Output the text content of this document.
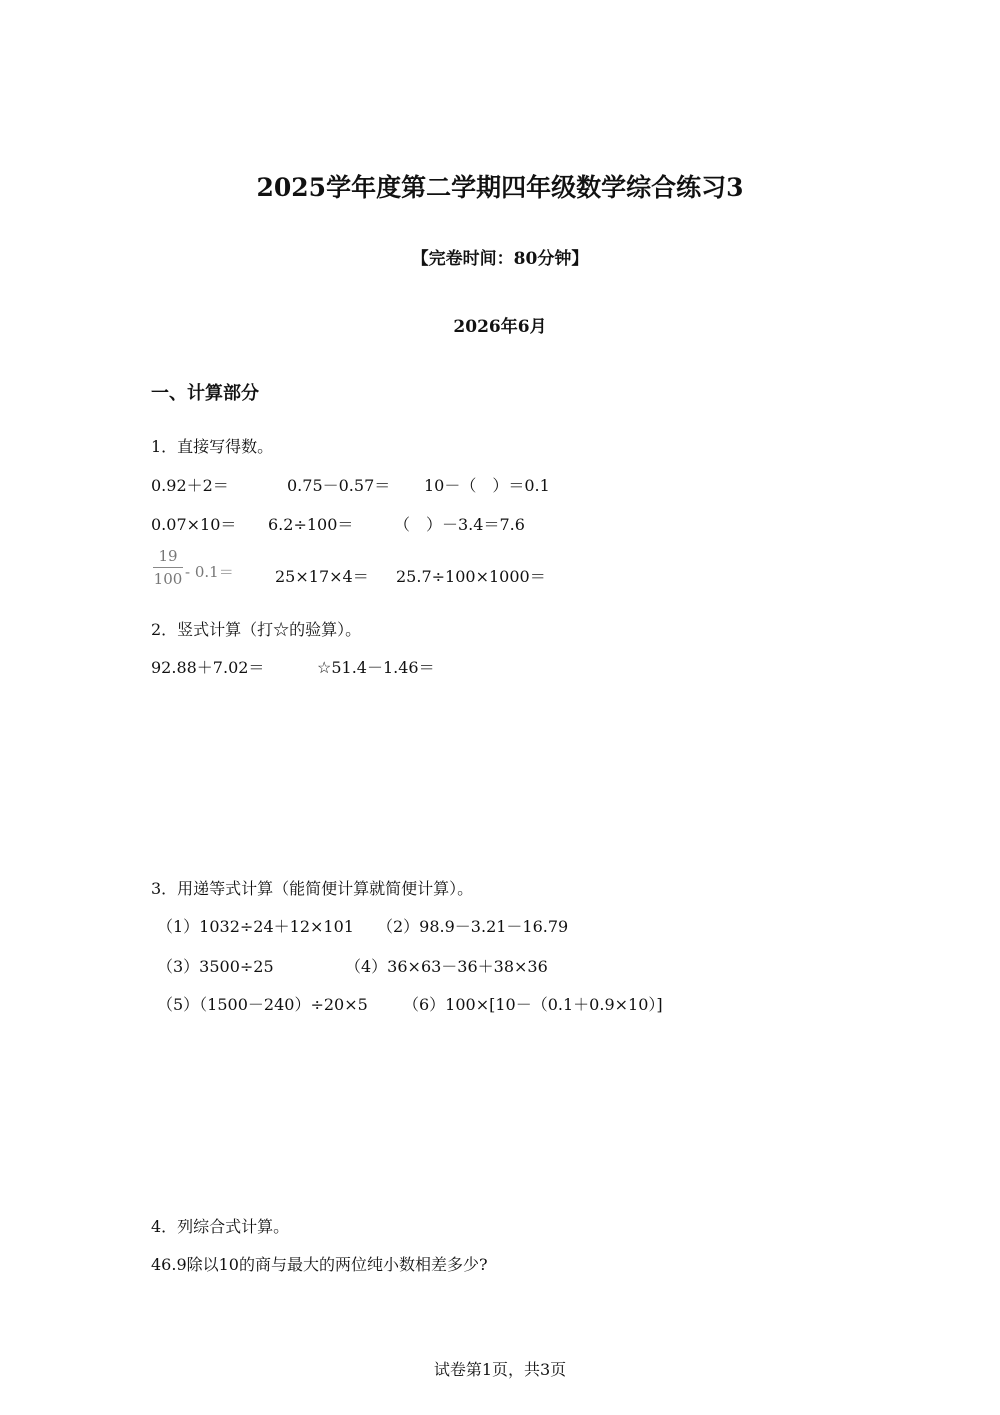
2025学年度第二学期四年级数学综合练习3
【完卷时间：80分钟】
2026年6月
一、计算部分
1．直接写得数。
0.92＋2＝	0.75－0.57＝ 10－（　）＝0.1
0.07×10＝ 6.2÷100＝	（　）－3.4＝7.6
19
100 - 0.1＝	25×17×4＝ 25.7÷100×1000＝
2．竖式计算（打☆的验算）。
92.88＋7.02＝	☆51.4－1.46＝
3．用递等式计算（能简便计算就简便计算）。
（1）1032÷24＋12×101 （2）98.9－3.21－16.79
（3）3500÷25	（4）36×63－36＋38×36
（5）（1500－240）÷20×5 （6）100×[10－（0.1＋0.9×10）]
4．列综合式计算。
46.9除以10的商与最大的两位纯小数相差多少?
试卷第1页，共3页
